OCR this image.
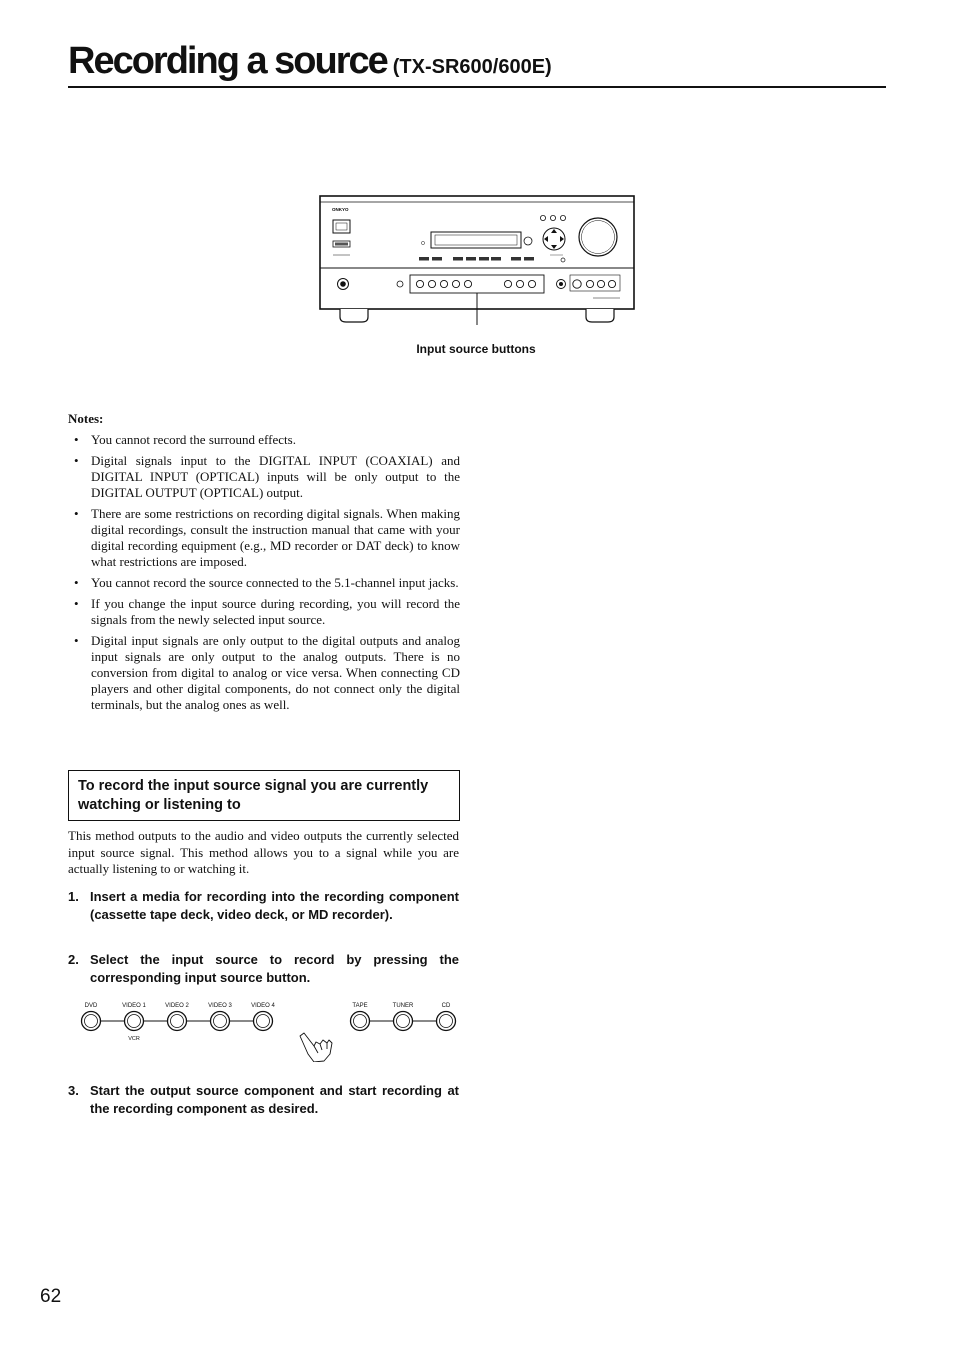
Recording a source (TX-SR600/600E)
ONKYO
Input source buttons
Notes:
• You cannot record the surround effects.
• Digital signals input to the DIGITAL INPUT (COAXIAL) and DIGITAL INPUT (OPTICAL) inputs will be only output to the DIGITAL OUTPUT (OPTICAL) output.
• There are some restrictions on recording digital signals. When making digital recordings, consult the instruction manual that came with your digital recording equipment (e.g., MD recorder or DAT deck) to know what restrictions are imposed.
• You cannot record the source connected to the 5.1-channel input jacks.
• If you change the input source during recording, you will record the signals from the newly selected input source.
• Digital input signals are only output to the digital outputs and analog input signals are only output to the analog outputs. There is no conversion from digital to analog or vice versa. When connecting CD players and other digital components, do not connect only the digital terminals, but the analog ones as well.
To record the input source signal you are currently watching or listening to
This method outputs to the audio and video outputs the currently selected input source signal. This method allows you to a signal while you are actually listening to or watching it.
1. Insert a media for recording into the recording component (cassette tape deck, video deck, or MD recorder).
2. Select the input source to record by pressing the corresponding input source button.
DVD	VIDEO 1	VIDEO 2	VIDEO 3	VIDEO 4	TAPE	TUNER	CD
VCR
3. Start the output source component and start recording at the recording component as desired.
62
